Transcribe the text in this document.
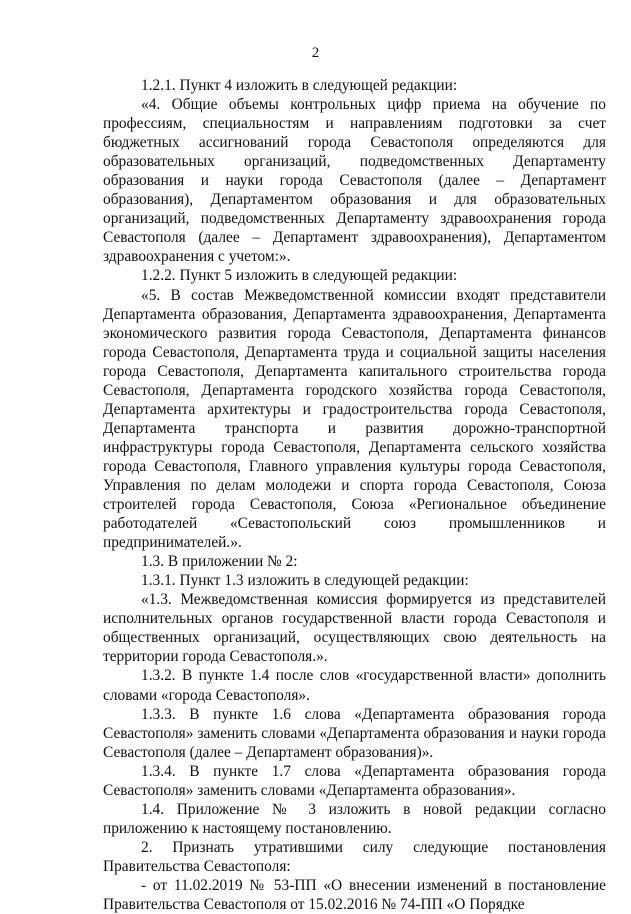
2

1.2.1. Пункт 4 изложить в следующей редакции:

«4. Общие объемы контрольных цифр приема на обучение по профессиям, специальностям и направлениям подготовки за счет бюджетных ассигнований города Севастополя определяются для образовательных организаций, подведомственных Департаменту образования и науки города Севастополя (далее – Департамент образования), Департаментом образования и для образовательных организаций, подведомственных Департаменту здравоохранения города Севастополя (далее – Департамент здравоохранения), Департаментом здравоохранения с учетом:».

1.2.2. Пункт 5 изложить в следующей редакции:

«5. В состав Межведомственной комиссии входят представители Департамента образования, Департамента здравоохранения, Департамента экономического развития города Севастополя, Департамента финансов города Севастополя, Департамента труда и социальной защиты населения города Севастополя, Департамента капитального строительства города Севастополя, Департамента городского хозяйства города Севастополя, Департамента архитектуры и градостроительства города Севастополя, Департамента транспорта и развития дорожно-транспортной инфраструктуры города Севастополя, Департамента сельского хозяйства города Севастополя, Главного управления культуры города Севастополя, Управления по делам молодежи и спорта города Севастополя, Союза строителей города Севастополя, Союза «Региональное объединение работодателей «Севастопольский союз промышленников и предпринимателей.».

1.3. В приложении № 2:

1.3.1. Пункт 1.3 изложить в следующей редакции:

«1.3. Межведомственная комиссия формируется из представителей исполнительных органов государственной власти города Севастополя и общественных организаций, осуществляющих свою деятельность на территории города Севастополя.».

1.3.2. В пункте 1.4 после слов «государственной власти» дополнить словами «города Севастополя».

1.3.3. В пункте 1.6 слова «Департамента образования города Севастополя» заменить словами «Департамента образования и науки города Севастополя (далее – Департамент образования)».

1.3.4. В пункте 1.7 слова «Департамента образования города Севастополя» заменить словами «Департамента образования».

1.4. Приложение № 3 изложить в новой редакции согласно приложению к настоящему постановлению.

2. Признать утратившими силу следующие постановления Правительства Севастополя:

- от 11.02.2019 № 53-ПП «О внесении изменений в постановление Правительства Севастополя от 15.02.2016 № 74-ПП «О Порядке
